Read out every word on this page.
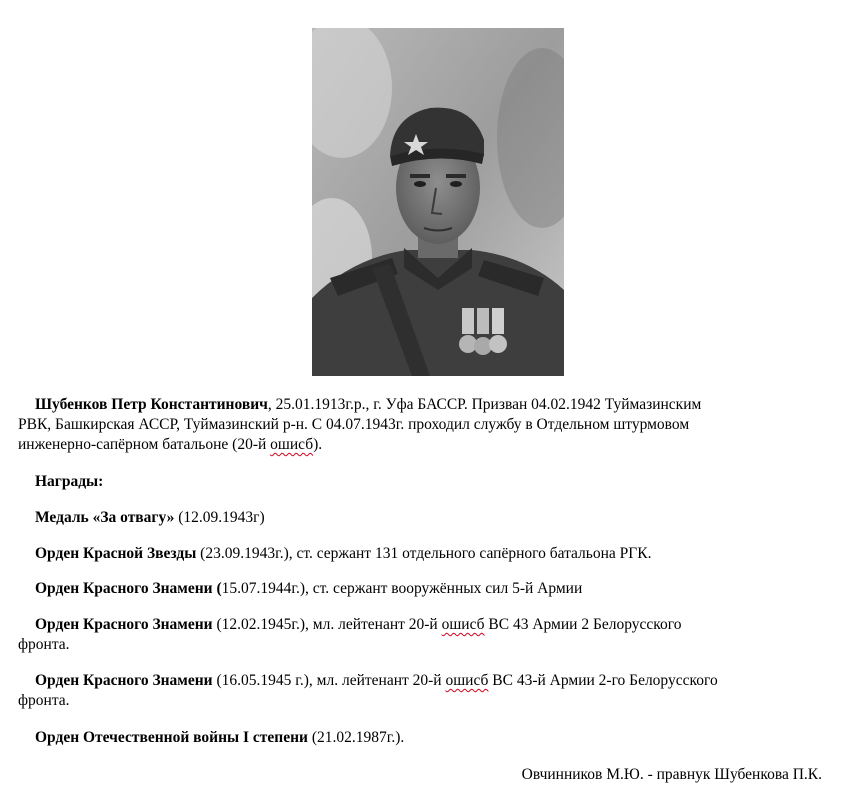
Шубенков Петр Константинович, 25.01.1913г.р., г. Уфа БАССР. Призван 04.02.1942 Туймазинским
РВК, Башкирская АССР, Туймазинский р-н. С 04.07.1943г. проходил службу в Отдельном штурмовом
инженерно-сапёрном батальоне (20-й ошисб).
Награды:
Медаль «За отвагу» (12.09.1943г)
Орден Красной Звезды (23.09.1943г.), ст. сержант 131 отдельного сапёрного батальона РГК.
Орден Красного Знамени (15.07.1944г.), ст. сержант вооружённых сил 5-й Армии
Орден Красного Знамени (12.02.1945г.), мл. лейтенант 20-й ошисб ВС 43 Армии 2 Белорусского
фронта.
Орден Красного Знамени (16.05.1945 г.), мл. лейтенант 20-й ошисб ВС 43-й Армии 2-го Белорусского
фронта.
Орден Отечественной войны I степени (21.02.1987г.).
Овчинников М.Ю. - правнук Шубенкова П.К.
